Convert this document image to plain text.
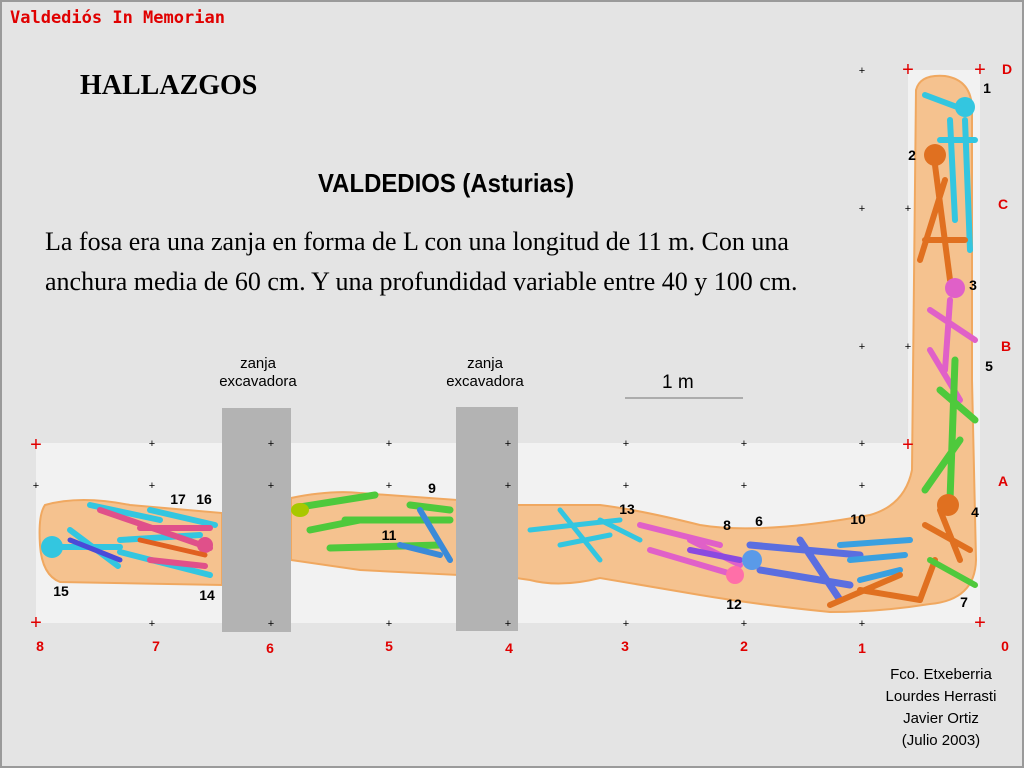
Valdediós In Memorian
HALLAZGOS
VALDEDIOS (Asturias)
La fosa era una zanja en forma de L con una longitud de 11 m. Con una anchura media de 60 cm. Y una profundidad variable entre 40 y 100 cm.
+	+	+	+	+	+	+
+	+	+	+	+	+	+	+
+	+	+	+	+	+	+
+
+	+
+	+
+
+
+
+
+	+
8	7	6	5	4	3	2	1	0
D
C
B
A
1
2
3
4
5
6
7
8
9
10
11
12
13
14
15
16
17
zanja
excavadora
zanja
excavadora	1 m
Fco. Etxeberria
Lourdes Herrasti
Javier Ortiz
(Julio 2003)
